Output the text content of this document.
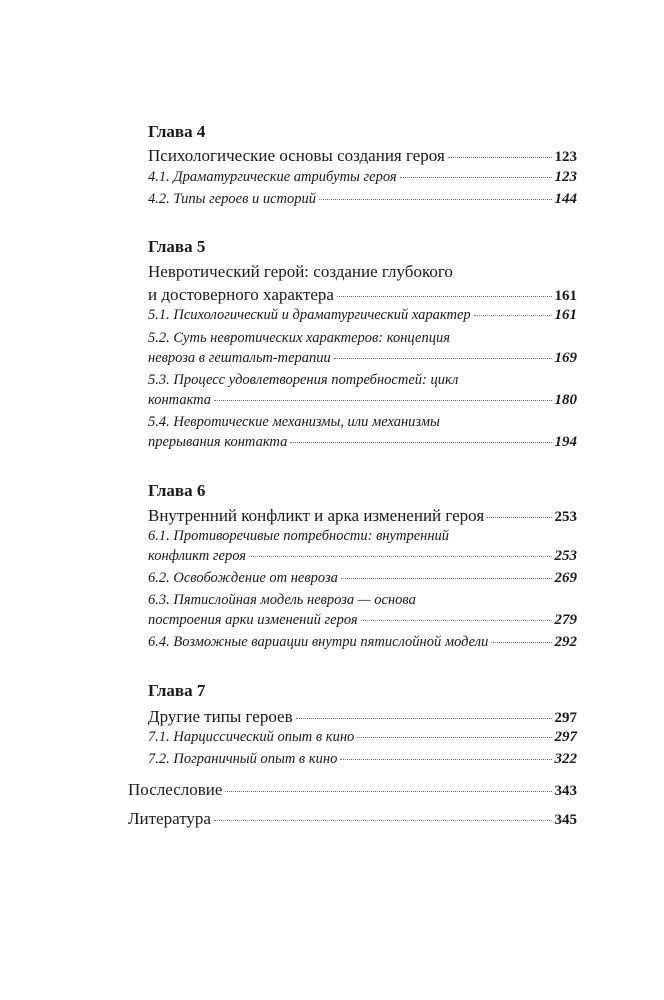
Глава 4
Психологические основы создания героя	123
4.1. Драматургические атрибуты героя	123
4.2. Типы героев и историй	144
Глава 5
Невротический герой: создание глубокого
и достоверного характера	161
5.1. Психологический и драматургический характер	161
5.2. Суть невротических характеров: концепция
невроза в гештальт-терапии	169
5.3. Процесс удовлетворения потребностей: цикл
контакта	180
5.4. Невротические механизмы, или механизмы
прерывания контакта	194
Глава 6
Внутренний конфликт и арка изменений героя	253
6.1. Противоречивые потребности: внутренний
конфликт героя	253
6.2. Освобождение от невроза	269
6.3. Пятислойная модель невроза — основа
построения арки изменений героя	279
6.4. Возможные вариации внутри пятислойной модели	292
Глава 7
Другие типы героев	297
7.1. Нарциссический опыт в кино	297
7.2. Пограничный опыт в кино	322
Послесловие	343
Литература	345
